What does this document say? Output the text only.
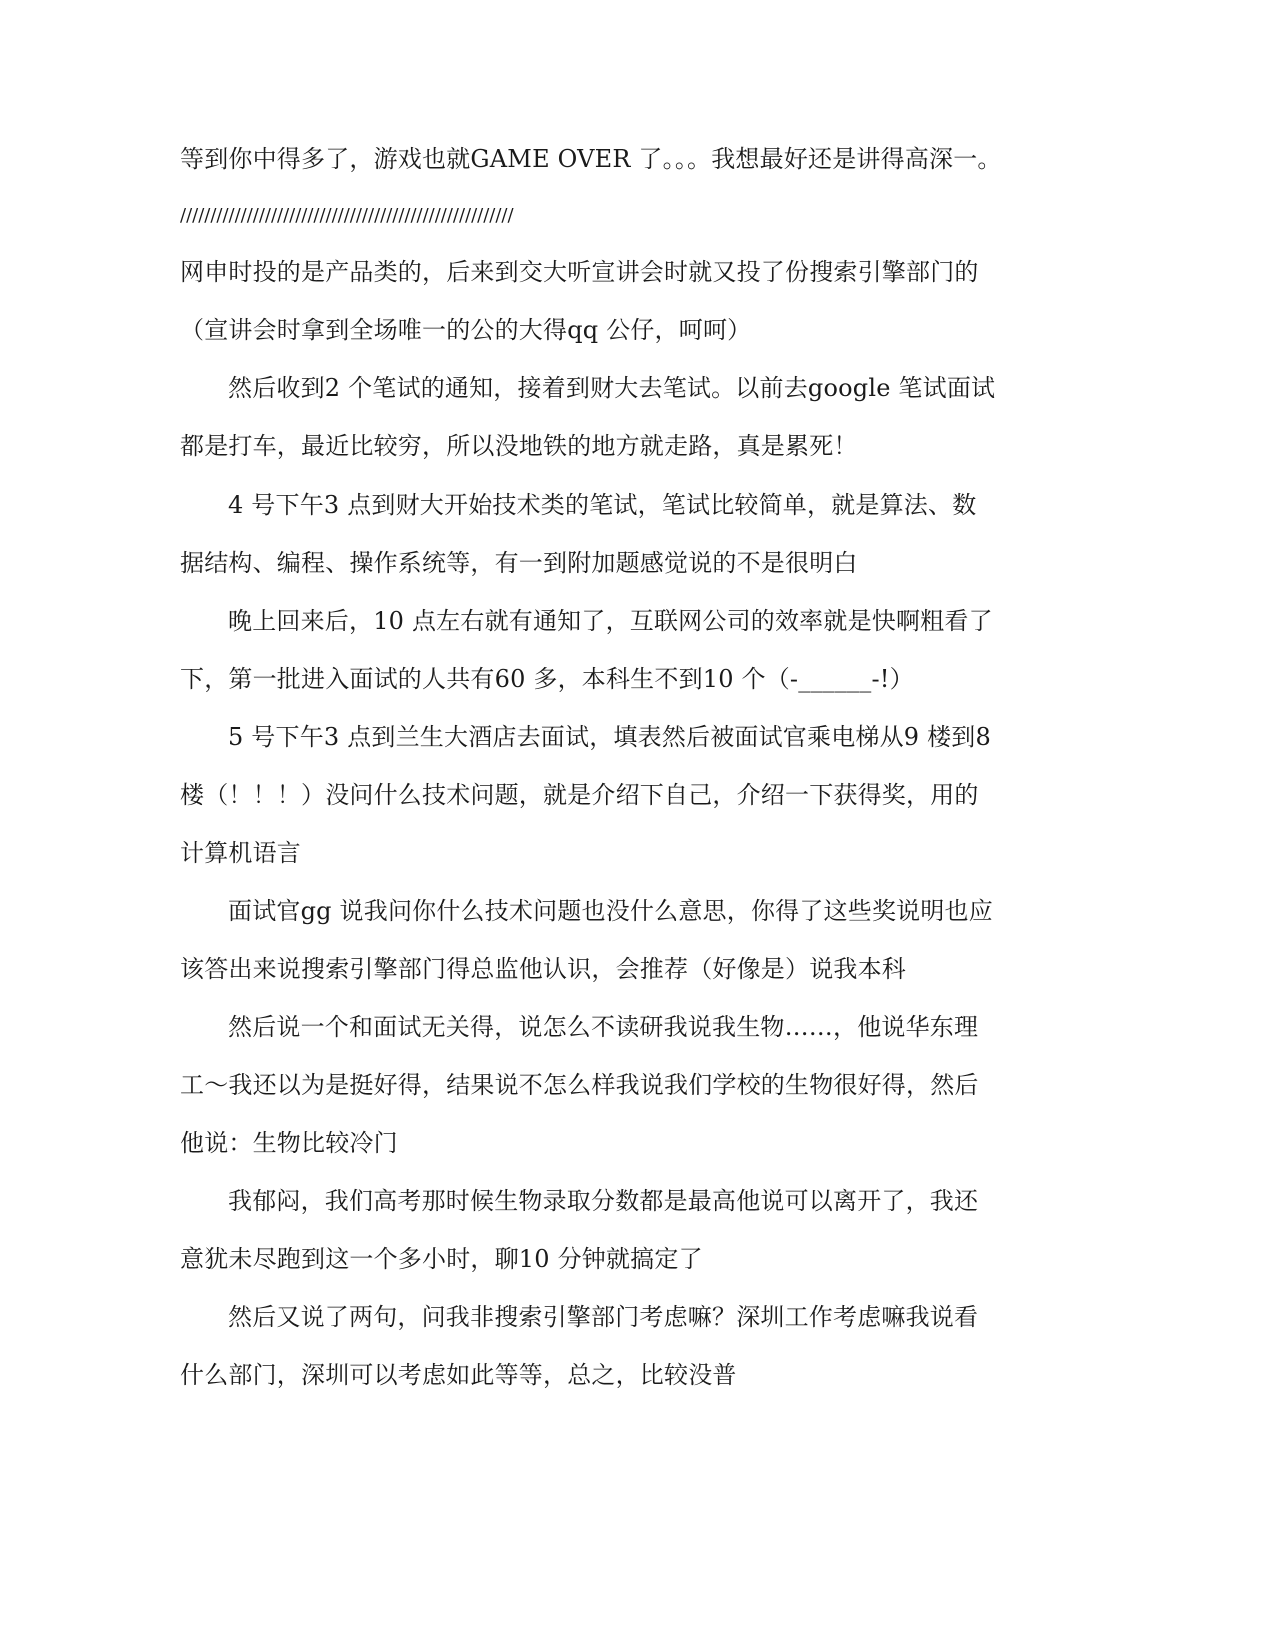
等到你中得多了，游戏也就GAME OVER 了。。。我想最好还是讲得高深一。
///////////////////////////////////////////////////////
网申时投的是产品类的，后来到交大听宣讲会时就又投了份搜索引擎部门的
（宣讲会时拿到全场唯一的公的大得qq 公仔，呵呵）
然后收到2 个笔试的通知，接着到财大去笔试。以前去google 笔试面试
都是打车，最近比较穷，所以没地铁的地方就走路，真是累死！
4 号下午3 点到财大开始技术类的笔试，笔试比较简单，就是算法、数
据结构、编程、操作系统等，有一到附加题感觉说的不是很明白
晚上回来后，10 点左右就有通知了，互联网公司的效率就是快啊粗看了
下，第一批进入面试的人共有60 多，本科生不到10 个（-______-!）
5 号下午3 点到兰生大酒店去面试，填表然后被面试官乘电梯从9 楼到8
楼（！！！）没问什么技术问题，就是介绍下自己，介绍一下获得奖，用的
计算机语言
面试官gg 说我问你什么技术问题也没什么意思，你得了这些奖说明也应
该答出来说搜索引擎部门得总监他认识，会推荐（好像是）说我本科
然后说一个和面试无关得，说怎么不读研我说我生物……，他说华东理
工～我还以为是挺好得，结果说不怎么样我说我们学校的生物很好得，然后
他说：生物比较冷门
我郁闷，我们高考那时候生物录取分数都是最高他说可以离开了，我还
意犹未尽跑到这一个多小时，聊10 分钟就搞定了
然后又说了两句，问我非搜索引擎部门考虑嘛？深圳工作考虑嘛我说看
什么部门，深圳可以考虑如此等等，总之，比较没普
